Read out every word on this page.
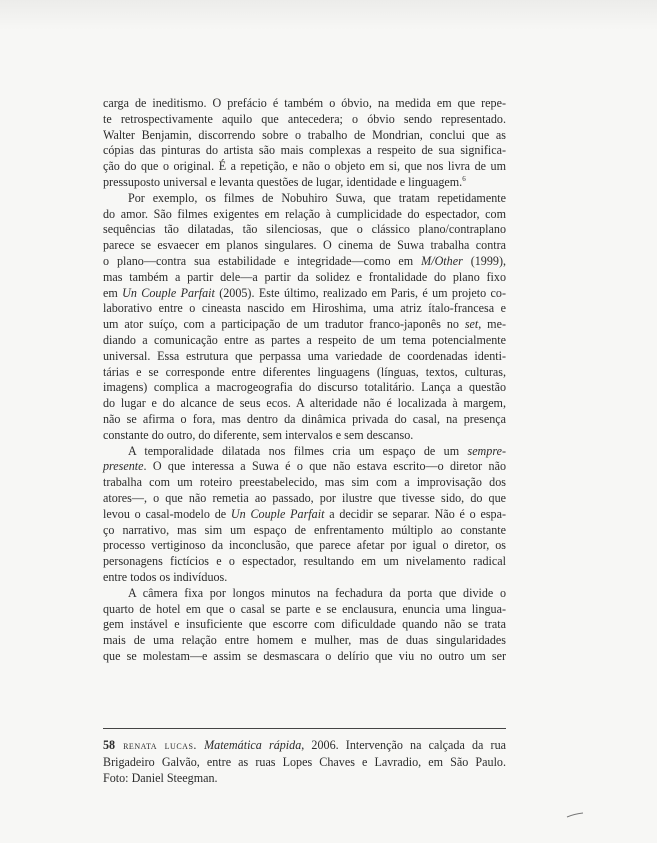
carga de ineditismo. O prefácio é também o óbvio, na medida em que repe-
te retrospectivamente aquilo que antecedera; o óbvio sendo representado.
Walter Benjamin, discorrendo sobre o trabalho de Mondrian, conclui que as
cópias das pinturas do artista são mais complexas a respeito de sua significa-
ção do que o original. É a repetição, e não o objeto em si, que nos livra de um
pressuposto universal e levanta questões de lugar, identidade e linguagem.$^6$
Por exemplo, os filmes de Nobuhiro Suwa, que tratam repetidamente
do amor. São filmes exigentes em relação à cumplicidade do espectador, com
sequências tão dilatadas, tão silenciosas, que o clássico plano/contraplano
parece se esvaecer em planos singulares. O cinema de Suwa trabalha contra
o plano—contra sua estabilidade e integridade—como em M/Other (1999),
mas também a partir dele—a partir da solidez e frontalidade do plano fixo
em Un Couple Parfait (2005). Este último, realizado em Paris, é um projeto co-
laborativo entre o cineasta nascido em Hiroshima, uma atriz ítalo-francesa e
um ator suíço, com a participação de um tradutor franco-japonês no set, me-
diando a comunicação entre as partes a respeito de um tema potencialmente
universal. Essa estrutura que perpassa uma variedade de coordenadas identi-
tárias e se corresponde entre diferentes linguagens (línguas, textos, culturas,
imagens) complica a macrogeografia do discurso totalitário. Lança a questão
do lugar e do alcance de seus ecos. A alteridade não é localizada à margem,
não se afirma o fora, mas dentro da dinâmica privada do casal, na presença
constante do outro, do diferente, sem intervalos e sem descanso.
A temporalidade dilatada nos filmes cria um espaço de um sempre-
presente. O que interessa a Suwa é o que não estava escrito—o diretor não
trabalha com um roteiro preestabelecido, mas sim com a improvisação dos
atores—, o que não remetia ao passado, por ilustre que tivesse sido, do que
levou o casal-modelo de Un Couple Parfait a decidir se separar. Não é o espa-
ço narrativo, mas sim um espaço de enfrentamento múltiplo ao constante
processo vertiginoso da inconclusão, que parece afetar por igual o diretor, os
personagens fictícios e o espectador, resultando em um nivelamento radical
entre todos os indivíduos.
A câmera fixa por longos minutos na fechadura da porta que divide o
quarto de hotel em que o casal se parte e se enclausura, enuncia uma lingua-
gem instável e insuficiente que escorre com dificuldade quando não se trata
mais de uma relação entre homem e mulher, mas de duas singularidades
que se molestam—e assim se desmascara o delírio que viu no outro um ser
58 renata lucas. Matemática rápida, 2006. Intervenção na calçada da rua
Brigadeiro Galvão, entre as ruas Lopes Chaves e Lavradio, em São Paulo.
Foto: Daniel Steegman.
